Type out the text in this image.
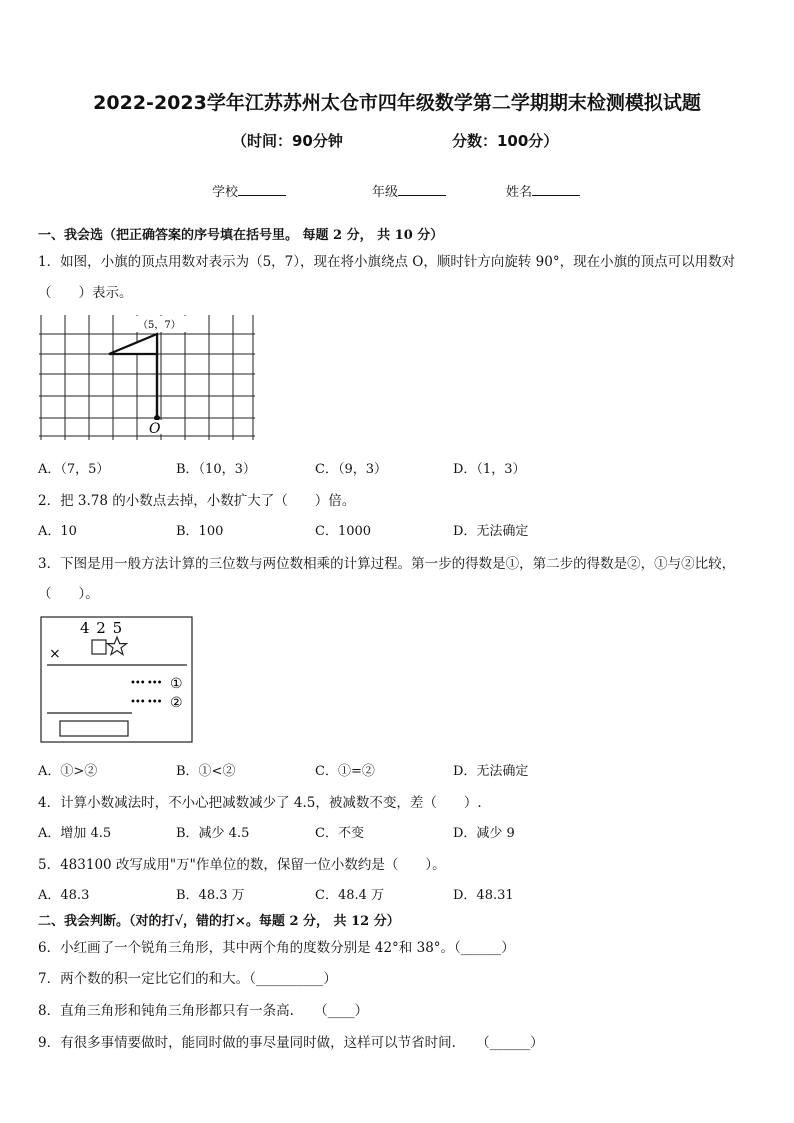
2022-2023学年江苏苏州太仓市四年级数学第二学期期末检测模拟试题
（时间：90分钟	分数：100分）
学校	年级	姓名
一、我会选（把正确答案的序号填在括号里。 每题 2 分， 共 10 分）
1．如图，小旗的顶点用数对表示为（5，7），现在将小旗绕点 O，顺时针方向旋转 90°，现在小旗的顶点可以用数对
（　　）表示。
（5，7）
O
A．（7，5）	B．（10，3）	C．（9，3）	D．（1，3）
2．把 3.78 的小数点去掉，小数扩大了（　　）倍。
A．10	B．100	C．1000	D．无法确定
3．下图是用一般方法计算的三位数与两位数相乘的计算过程。第一步的得数是①，第二步的得数是②，①与②比较，
（　　）。
4 2 5
×
••• ••• ①
••• ••• ②
A．①>②	B．①<②	C．①=②	D．无法确定
4．计算小数减法时，不小心把减数减少了 4.5，被减数不变，差（　　）.
A．增加 4.5	B．减少 4.5	C．不变	D．减少 9
5．483100 改写成用"万"作单位的数，保留一位小数约是（　　）。
A．48.3	B．48.3 万	C．48.4 万	D．48.31
二、我会判断。（对的打√，错的打×。每题 2 分， 共 12 分）
6．小红画了一个锐角三角形，其中两个角的度数分别是 42°和 38°。（______）
7．两个数的积一定比它们的和大。（__________）
8．直角三角形和钝角三角形都只有一条高.　　（____）
9．有很多事情要做时，能同时做的事尽量同时做，这样可以节省时间.　　（______）
